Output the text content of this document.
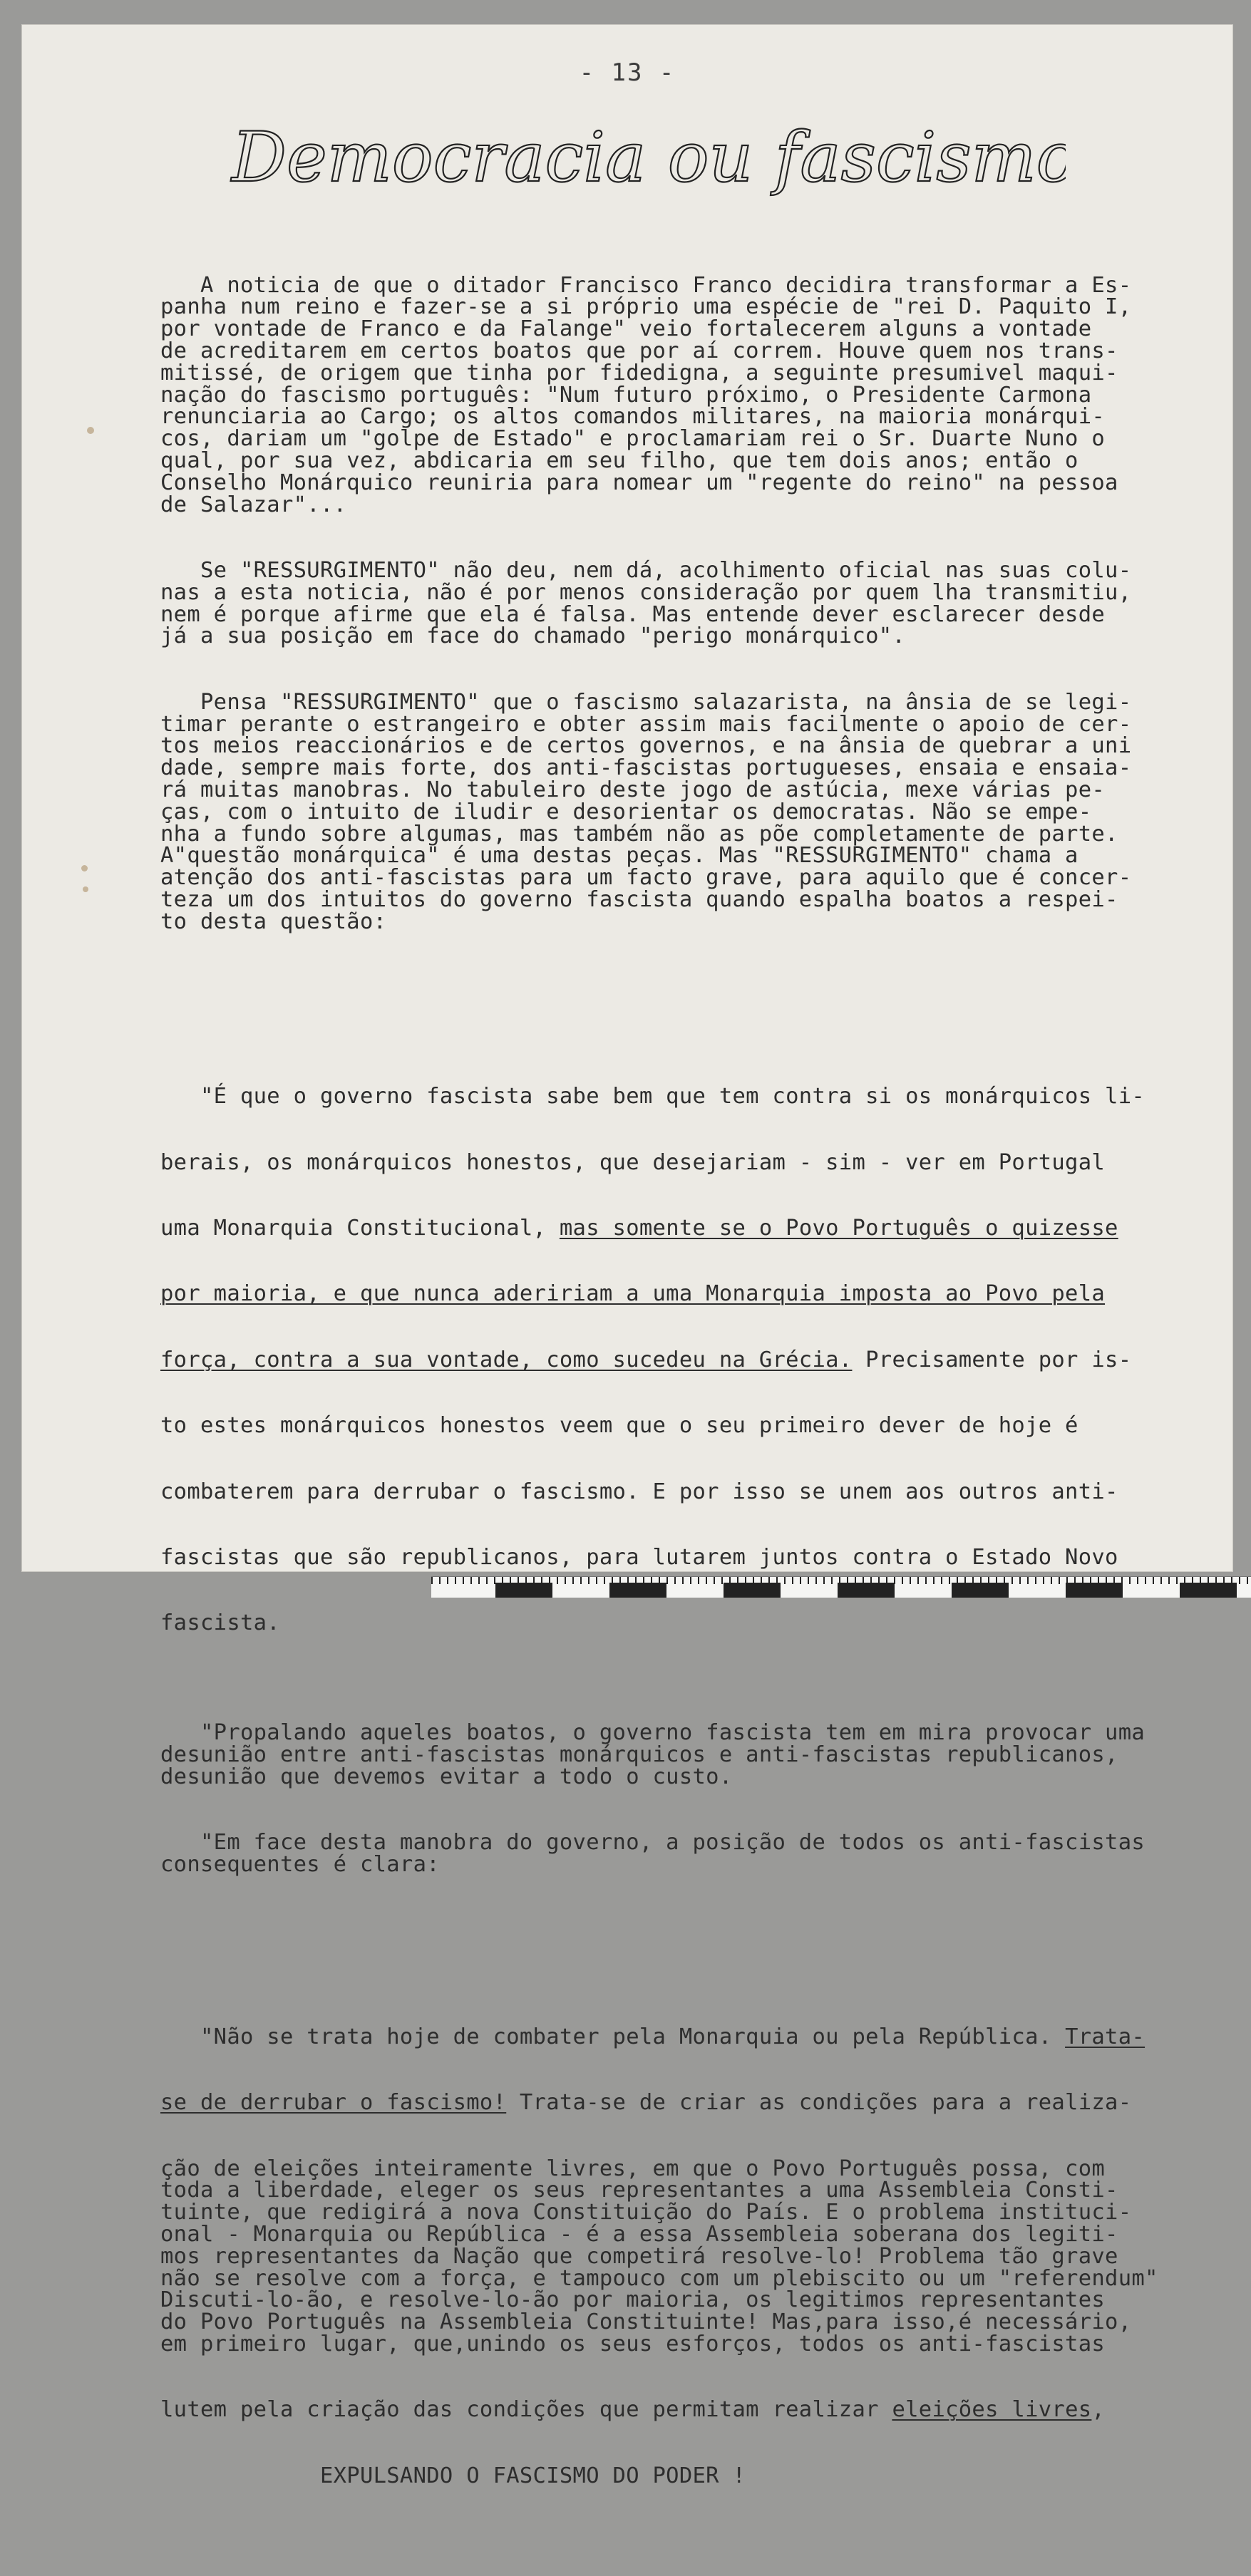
- 13 -
Democracia ou fascismo ?

A noticia de que o ditador Francisco Franco decidira transformar a Es-
panha num reino e fazer-se a si próprio uma espécie de "rei D. Paquito I,
por vontade de Franco e da Falange" veio fortalecerem alguns a vontade
de acreditarem em certos boatos que por aí correm. Houve quem nos trans-
mitissé, de origem que tinha por fidedigna, a seguinte presumivel maqui-
nação do fascismo português: "Num futuro próximo, o Presidente Carmona
renunciaria ao Cargo; os altos comandos militares, na maioria monárqui-
cos, dariam um "golpe de Estado" e proclamariam rei o Sr. Duarte Nuno o
qual, por sua vez, abdicaria em seu filho, que tem dois anos; então o
Conselho Monárquico reuniria para nomear um "regente do reino" na pessoa
de Salazar"...

Se "RESSURGIMENTO" não deu, nem dá, acolhimento oficial nas suas colu-
nas a esta noticia, não é por menos consideração por quem lha transmitiu,
nem é porque afirme que ela é falsa. Mas entende dever esclarecer desde
já a sua posição em face do chamado "perigo monárquico".

Pensa "RESSURGIMENTO" que o fascismo salazarista, na ânsia de se legi-
timar perante o estrangeiro e obter assim mais facilmente o apoio de cer-
tos meios reaccionários e de certos governos, e na ânsia de quebrar a uni
dade, sempre mais forte, dos anti-fascistas portugueses, ensaia e ensaia-
rá muitas manobras. No tabuleiro deste jogo de astúcia, mexe várias pe-
ças, com o intuito de iludir e desorientar os democratas. Não se empe-
nha a fundo sobre algumas, mas também não as põe completamente de parte.
A"questão monárquica" é uma destas peças. Mas "RESSURGIMENTO" chama a
atenção dos anti-fascistas para um facto grave, para aquilo que é concer-
teza um dos intuitos do governo fascista quando espalha boatos a respei-
to desta questão:

"É que o governo fascista sabe bem que tem contra si os monárquicos li-

berais, os monárquicos honestos, que desejariam - sim - ver em Portugal

uma Monarquia Constitucional, mas somente se o Povo Português o quizesse

por maioria, e que nunca adeririam a uma Monarquia imposta ao Povo pela

força, contra a sua vontade, como sucedeu na Grécia. Precisamente por is-

to estes monárquicos honestos veem que o seu primeiro dever de hoje é

combaterem para derrubar o fascismo. E por isso se unem aos outros anti-

fascistas que são republicanos, para lutarem juntos contra o Estado Novo

fascista.

"Propalando aqueles boatos, o governo fascista tem em mira provocar uma
desunião entre anti-fascistas monárquicos e anti-fascistas republicanos,
desunião que devemos evitar a todo o custo.

"Em face desta manobra do governo, a posição de todos os anti-fascistas
consequentes é clara:

"Não se trata hoje de combater pela Monarquia ou pela República. Trata-

se de derrubar o fascismo! Trata-se de criar as condições para a realiza-

ção de eleições inteiramente livres, em que o Povo Português possa, com
toda a liberdade, eleger os seus representantes a uma Assembleia Consti-
tuinte, que redigirá a nova Constituição do País. E o problema instituci-
onal - Monarquia ou República - é a essa Assembleia soberana dos legiti-
mos representantes da Nação que competirá resolve-lo! Problema tão grave
não se resolve com a força, e tampouco com um plebiscito ou um "referendum"
Discuti-lo-ão, e resolve-lo-ão por maioria, os legitimos representantes
do Povo Português na Assembleia Constituinte! Mas,para isso,é necessário,
em primeiro lugar, que,unindo os seus esforços, todos os anti-fascistas

lutem pela criação das condições que permitam realizar eleições livres,

EXPULSANDO O FASCISMO DO PODER !
